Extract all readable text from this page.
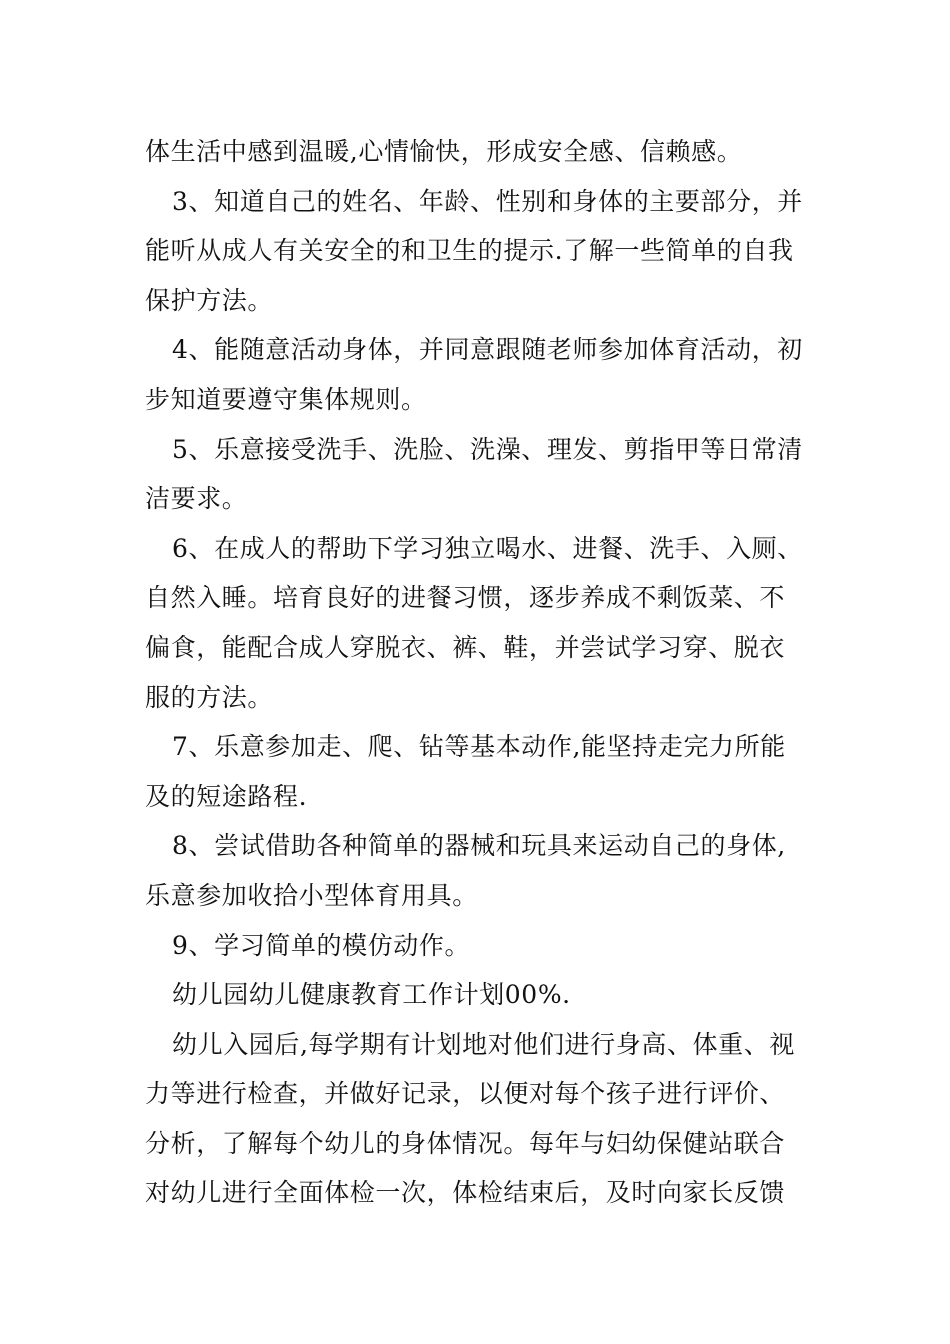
体生活中感到温暖,心情愉快，形成安全感、信赖感。
3、知道自己的姓名、年龄、性别和身体的主要部分，并
能听从成人有关安全的和卫生的提示.了解一些简单的自我
保护方法。
4、能随意活动身体，并同意跟随老师参加体育活动，初
步知道要遵守集体规则。
5、乐意接受洗手、洗脸、洗澡、理发、剪指甲等日常清
洁要求。
6、在成人的帮助下学习独立喝水、进餐、洗手、入厕、
自然入睡。培育良好的进餐习惯，逐步养成不剩饭菜、不
偏食，能配合成人穿脱衣、裤、鞋，并尝试学习穿、脱衣
服的方法。
7、乐意参加走、爬、钻等基本动作,能坚持走完力所能
及的短途路程.
8、尝试借助各种简单的器械和玩具来运动自己的身体,
乐意参加收拾小型体育用具。
9、学习简单的模仿动作。
幼儿园幼儿健康教育工作计划00%.
幼儿入园后,每学期有计划地对他们进行身高、体重、视
力等进行检查，并做好记录，以便对每个孩子进行评价、
分析，了解每个幼儿的身体情况。每年与妇幼保健站联合
对幼儿进行全面体检一次，体检结束后，及时向家长反馈
